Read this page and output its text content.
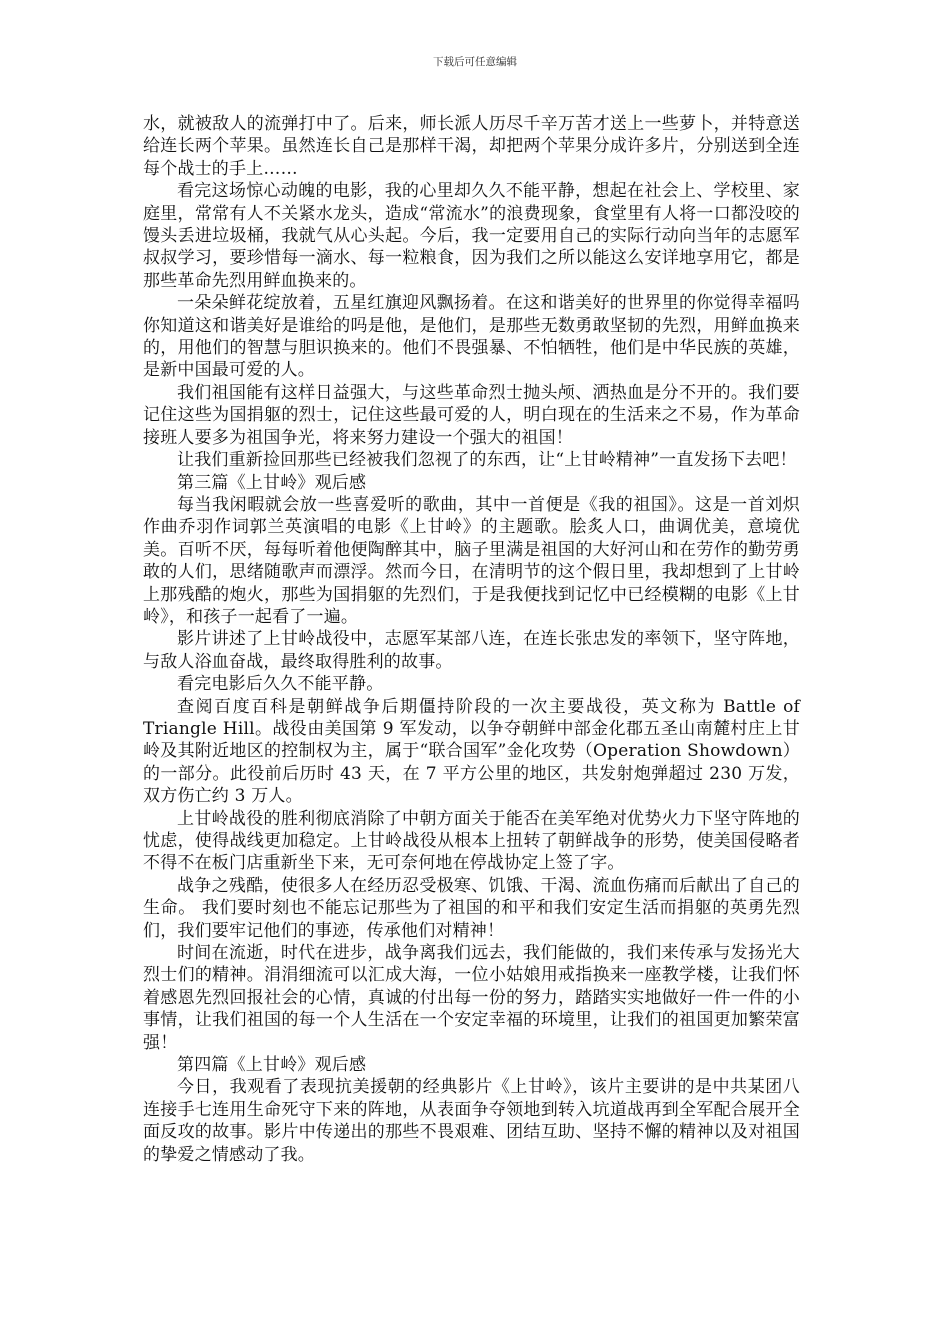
下载后可任意编辑

水，就被敌人的流弹打中了。后来，师长派人历尽千辛万苦才送上一些萝卜，并特意送给连长两个苹果。虽然连长自己是那样干渴，却把两个苹果分成许多片，分别送到全连每个战士的手上……

看完这场惊心动魄的电影，我的心里却久久不能平静，想起在社会上、学校里、家庭里，常常有人不关紧水龙头，造成“常流水”的浪费现象，食堂里有人将一口都没咬的馒头丢进垃圾桶，我就气从心头起。今后，我一定要用自己的实际行动向当年的志愿军叔叔学习，要珍惜每一滴水、每一粒粮食，因为我们之所以能这么安详地享用它，都是那些革命先烈用鲜血换来的。

一朵朵鲜花绽放着，五星红旗迎风飘扬着。在这和谐美好的世界里的你觉得幸福吗你知道这和谐美好是谁给的吗是他，是他们，是那些无数勇敢坚韧的先烈，用鲜血换来的，用他们的智慧与胆识换来的。他们不畏强暴、不怕牺牲，他们是中华民族的英雄，是新中国最可爱的人。

我们祖国能有这样日益强大，与这些革命烈士抛头颅、洒热血是分不开的。我们要记住这些为国捐躯的烈士，记住这些最可爱的人，明白现在的生活来之不易，作为革命接班人要多为祖国争光，将来努力建设一个强大的祖国！

让我们重新捡回那些已经被我们忽视了的东西，让“上甘岭精神”一直发扬下去吧！

第三篇《上甘岭》观后感

每当我闲暇就会放一些喜爱听的歌曲，其中一首便是《我的祖国》。这是一首刘炽作曲乔羽作词郭兰英演唱的电影《上甘岭》的主题歌。脍炙人口，曲调优美，意境优美。百听不厌，每每听着他便陶醉其中，脑子里满是祖国的大好河山和在劳作的勤劳勇敢的人们，思绪随歌声而漂浮。然而今日，在清明节的这个假日里，我却想到了上甘岭上那残酷的炮火，那些为国捐躯的先烈们，于是我便找到记忆中已经模糊的电影《上甘岭》，和孩子一起看了一遍。

影片讲述了上甘岭战役中，志愿军某部八连，在连长张忠发的率领下，坚守阵地，与敌人浴血奋战，最终取得胜利的故事。

看完电影后久久不能平静。

查阅百度百科是朝鲜战争后期僵持阶段的一次主要战役，英文称为 Battle of Triangle Hill。战役由美国第 9 军发动，以争夺朝鲜中部金化郡五圣山南麓村庄上甘岭及其附近地区的控制权为主，属于“联合国军”金化攻势（Operation Showdown）的一部分。此役前后历时 43 天，在 7 平方公里的地区，共发射炮弹超过 230 万发，双方伤亡约 3 万人。

上甘岭战役的胜利彻底消除了中朝方面关于能否在美军绝对优势火力下坚守阵地的忧虑，使得战线更加稳定。上甘岭战役从根本上扭转了朝鲜战争的形势，使美国侵略者不得不在板门店重新坐下来，无可奈何地在停战协定上签了字。

战争之残酷，使很多人在经历忍受极寒、饥饿、干渴、流血伤痛而后献出了自己的生命。 我们要时刻也不能忘记那些为了祖国的和平和我们安定生活而捐躯的英勇先烈们，我们要牢记他们的事迹，传承他们对精神！

时间在流逝，时代在进步，战争离我们远去，我们能做的，我们来传承与发扬光大烈士们的精神。涓涓细流可以汇成大海，一位小姑娘用戒指换来一座教学楼，让我们怀着感恩先烈回报社会的心情，真诚的付出每一份的努力，踏踏实实地做好一件一件的小事情，让我们祖国的每一个人生活在一个安定幸福的环境里，让我们的祖国更加繁荣富强！

第四篇《上甘岭》观后感

今日，我观看了表现抗美援朝的经典影片《上甘岭》，该片主要讲的是中共某团八连接手七连用生命死守下来的阵地，从表面争夺领地到转入坑道战再到全军配合展开全面反攻的故事。影片中传递出的那些不畏艰难、团结互助、坚持不懈的精神以及对祖国的挚爱之情感动了我。
